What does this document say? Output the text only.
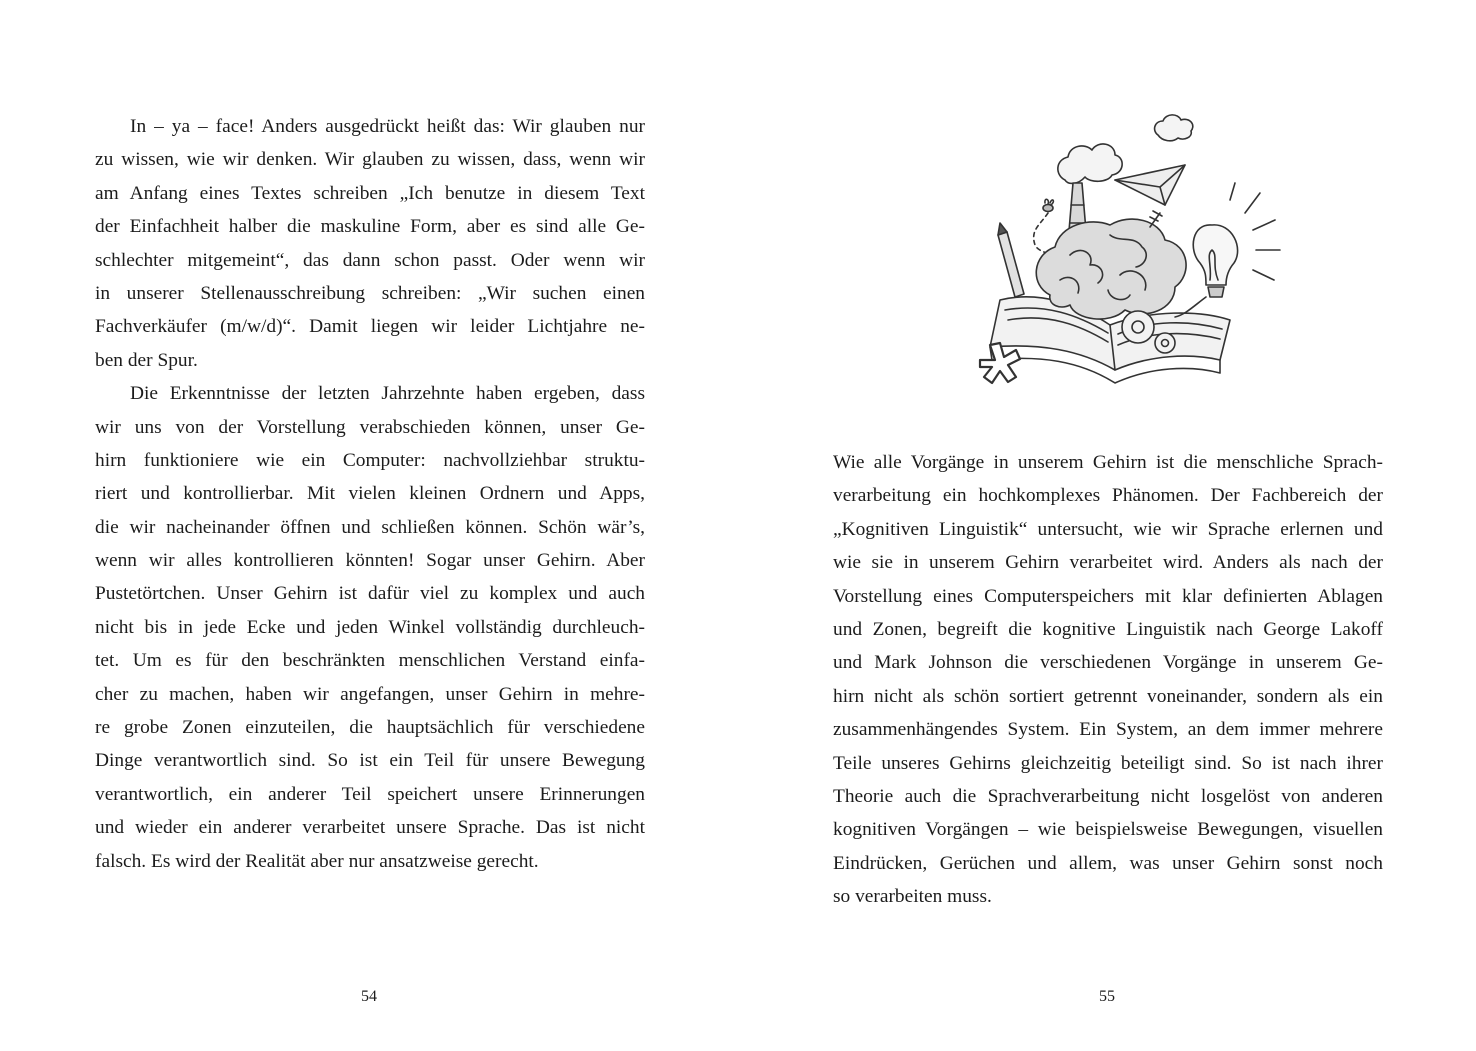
In – ya – face! Anders ausgedrückt heißt das: Wir glauben nur
zu wissen, wie wir denken. Wir glauben zu wissen, dass, wenn wir
am Anfang eines Textes schreiben „Ich benutze in diesem Text
der Einfachheit halber die maskuline Form, aber es sind alle Ge-
schlechter mitgemeint“, das dann schon passt. Oder wenn wir
in unserer Stellenausschreibung schreiben: „Wir suchen einen
Fachverkäufer (m/w/d)“. Damit liegen wir leider Lichtjahre ne-
ben der Spur.
Die Erkenntnisse der letzten Jahrzehnte haben ergeben, dass
wir uns von der Vorstellung verabschieden können, unser Ge-
hirn funktioniere wie ein Computer: nachvollziehbar struktu-
riert und kontrollierbar. Mit vielen kleinen Ordnern und Apps,
die wir nacheinander öffnen und schließen können. Schön wär’s,
wenn wir alles kontrollieren könnten! Sogar unser Gehirn. Aber
Pustetörtchen. Unser Gehirn ist dafür viel zu komplex und auch
nicht bis in jede Ecke und jeden Winkel vollständig durchleuch-
tet. Um es für den beschränkten menschlichen Verstand einfa-
cher zu machen, haben wir angefangen, unser Gehirn in mehre-
re grobe Zonen einzuteilen, die hauptsächlich für verschiedene
Dinge verantwortlich sind. So ist ein Teil für unsere Bewegung
verantwortlich, ein anderer Teil speichert unsere Erinnerungen
und wieder ein anderer verarbeitet unsere Sprache. Das ist nicht
falsch. Es wird der Realität aber nur ansatzweise gerecht.
54
Wie alle Vorgänge in unserem Gehirn ist die menschliche Sprach-
verarbeitung ein hochkomplexes Phänomen. Der Fachbereich der
„Kognitiven Linguistik“ untersucht, wie wir Sprache erlernen und
wie sie in unserem Gehirn verarbeitet wird. Anders als nach der
Vorstellung eines Computerspeichers mit klar definierten Ablagen
und Zonen, begreift die kognitive Linguistik nach George Lakoff
und Mark Johnson die verschiedenen Vorgänge in unserem Ge-
hirn nicht als schön sortiert getrennt voneinander, sondern als ein
zusammenhängendes System. Ein System, an dem immer mehrere
Teile unseres Gehirns gleichzeitig beteiligt sind. So ist nach ihrer
Theorie auch die Sprachverarbeitung nicht losgelöst von anderen
kognitiven Vorgängen – wie beispielsweise Bewegungen, visuellen
Eindrücken, Gerüchen und allem, was unser Gehirn sonst noch
so verarbeiten muss.
55
